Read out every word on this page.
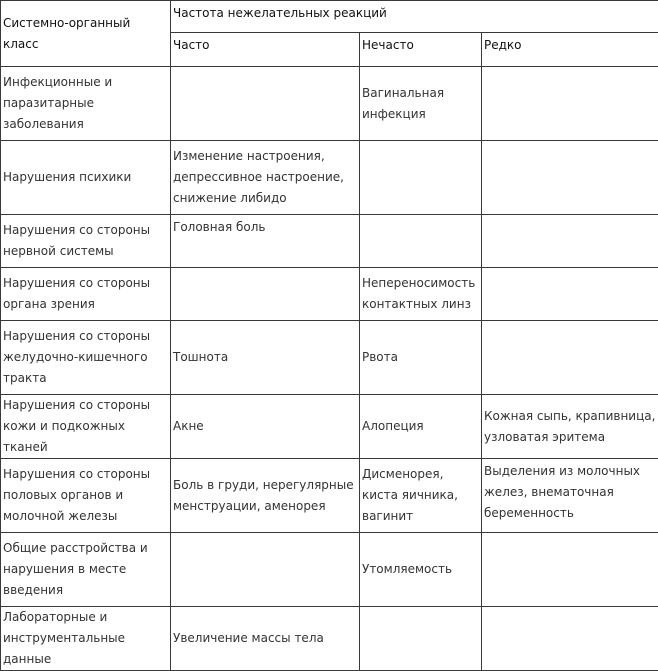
Системно-органный класс	Частота нежелательных реакций		
	Часто	Нечасто	Редко
Инфекционные и паразитарные заболевания		Вагинальная инфекция	
Нарушения психики	Изменение настроения, депрессивное настроение, снижение либидо		
Нарушения со стороны нервной системы	Головная боль		
Нарушения со стороны органа зрения		Непереносимость контактных линз	
Нарушения со стороны желудочно-кишечного тракта	Тошнота	Рвота	
Нарушения со стороны кожи и подкожных тканей	Акне	Алопеция	Кожная сыпь, крапивница, узловатая эритема
Нарушения со стороны половых органов и молочной железы	Боль в груди, нерегулярные менструации, аменорея	Дисменорея, киста яичника, вагинит	Выделения из молочных желез, внематочная беременность
Общие расстройства и нарушения в месте введения		Утомляемость	
Лабораторные и инструментальные данные	Увеличение массы тела		
